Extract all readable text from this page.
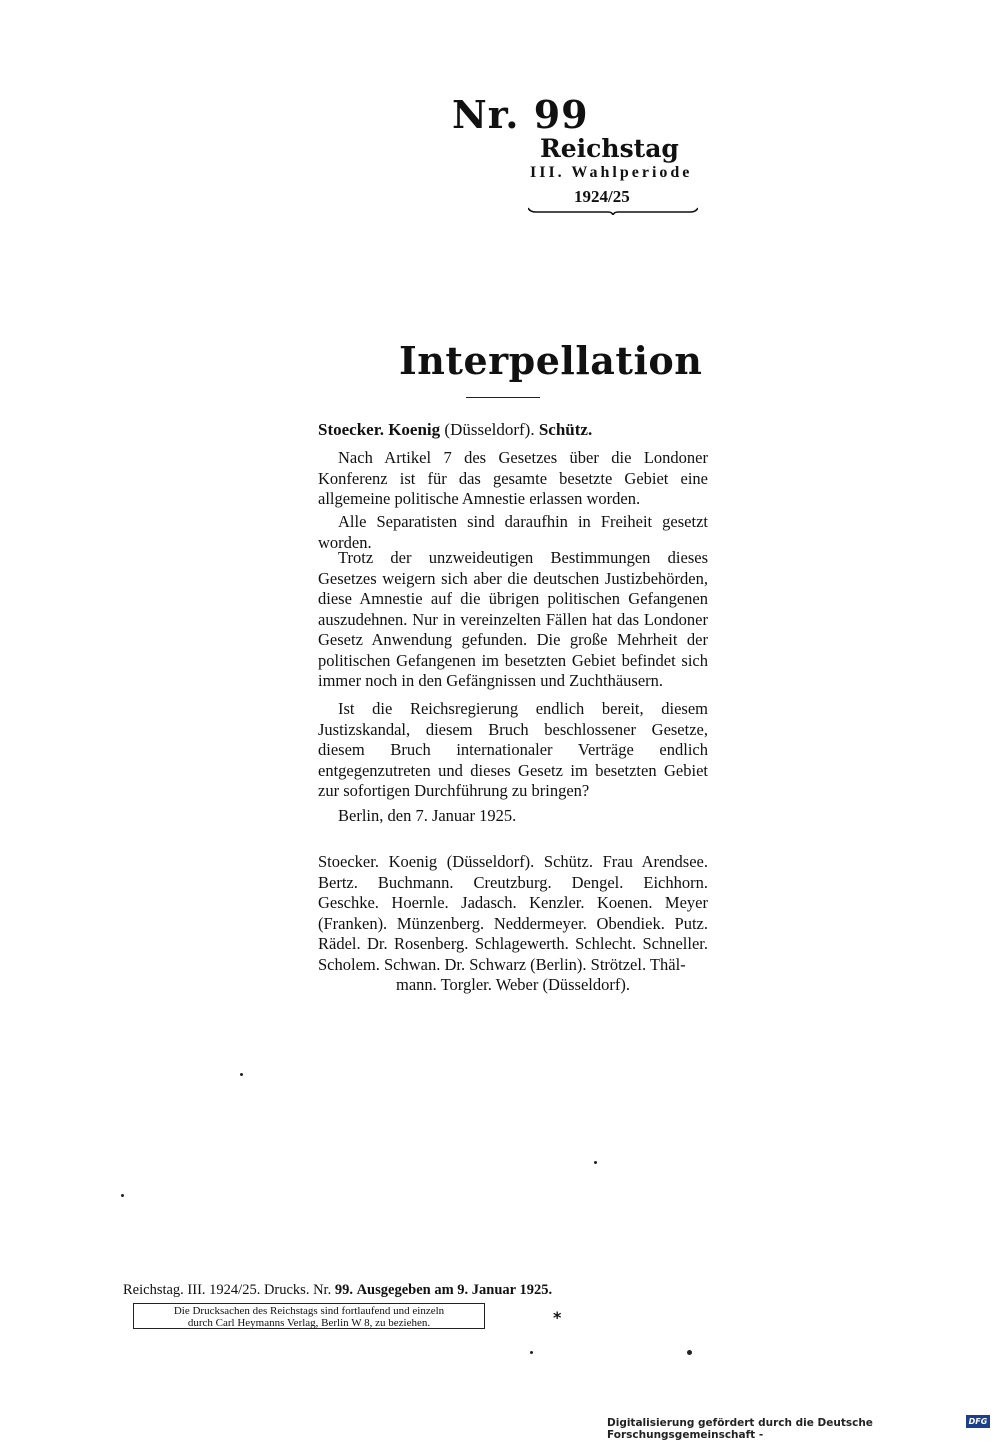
Nr. 99
Reichstag
III. Wahlperiode
1924/25
Interpellation
Stoecker. Koenig (Düsseldorf). Schütz.

Nach Artikel 7 des Gesetzes über die Londoner Konferenz ist für das gesamte besetzte Gebiet eine allgemeine politische Amnestie erlassen worden.

Alle Separatisten sind daraufhin in Freiheit gesetzt worden.

Trotz der unzweideutigen Bestimmungen dieses Gesetzes weigern sich aber die deutschen Justizbehörden, diese Amnestie auf die übrigen politischen Gefangenen auszudehnen. Nur in vereinzelten Fällen hat das Londoner Gesetz Anwendung gefunden. Die große Mehrheit der politischen Gefangenen im besetzten Gebiet befindet sich immer noch in den Gefängnissen und Zuchthäusern.

Ist die Reichsregierung endlich bereit, diesem Justizskandal, diesem Bruch beschlossener Gesetze, diesem Bruch internationaler Verträge endlich entgegenzutreten und dieses Gesetz im besetzten Gebiet zur sofortigen Durchführung zu bringen?

Berlin, den 7. Januar 1925.
Stoecker. Koenig (Düsseldorf). Schütz. Frau Arendsee. Bertz. Buchmann. Creutzburg. Dengel. Eichhorn. Geschke. Hoernle. Jadasch. Kenzler. Koenen. Meyer (Franken). Münzenberg. Neddermeyer. Obendiek. Putz. Rädel. Dr. Rosenberg. Schlagewerth. Schlecht. Schneller. Scholem. Schwan. Dr. Schwarz (Berlin). Strötzel. Thäl-
mann. Torgler. Weber (Düsseldorf).
Reichstag. III. 1924/25. Drucks. Nr. 99. Ausgegeben am 9. Januar 1925.
Die Drucksachen des Reichstags sind fortlaufend und einzeln
durch Carl Heymanns Verlag, Berlin W 8, zu beziehen.	*
Digitalisierung gefördert durch die Deutsche Forschungsgemeinschaft -
DFG
